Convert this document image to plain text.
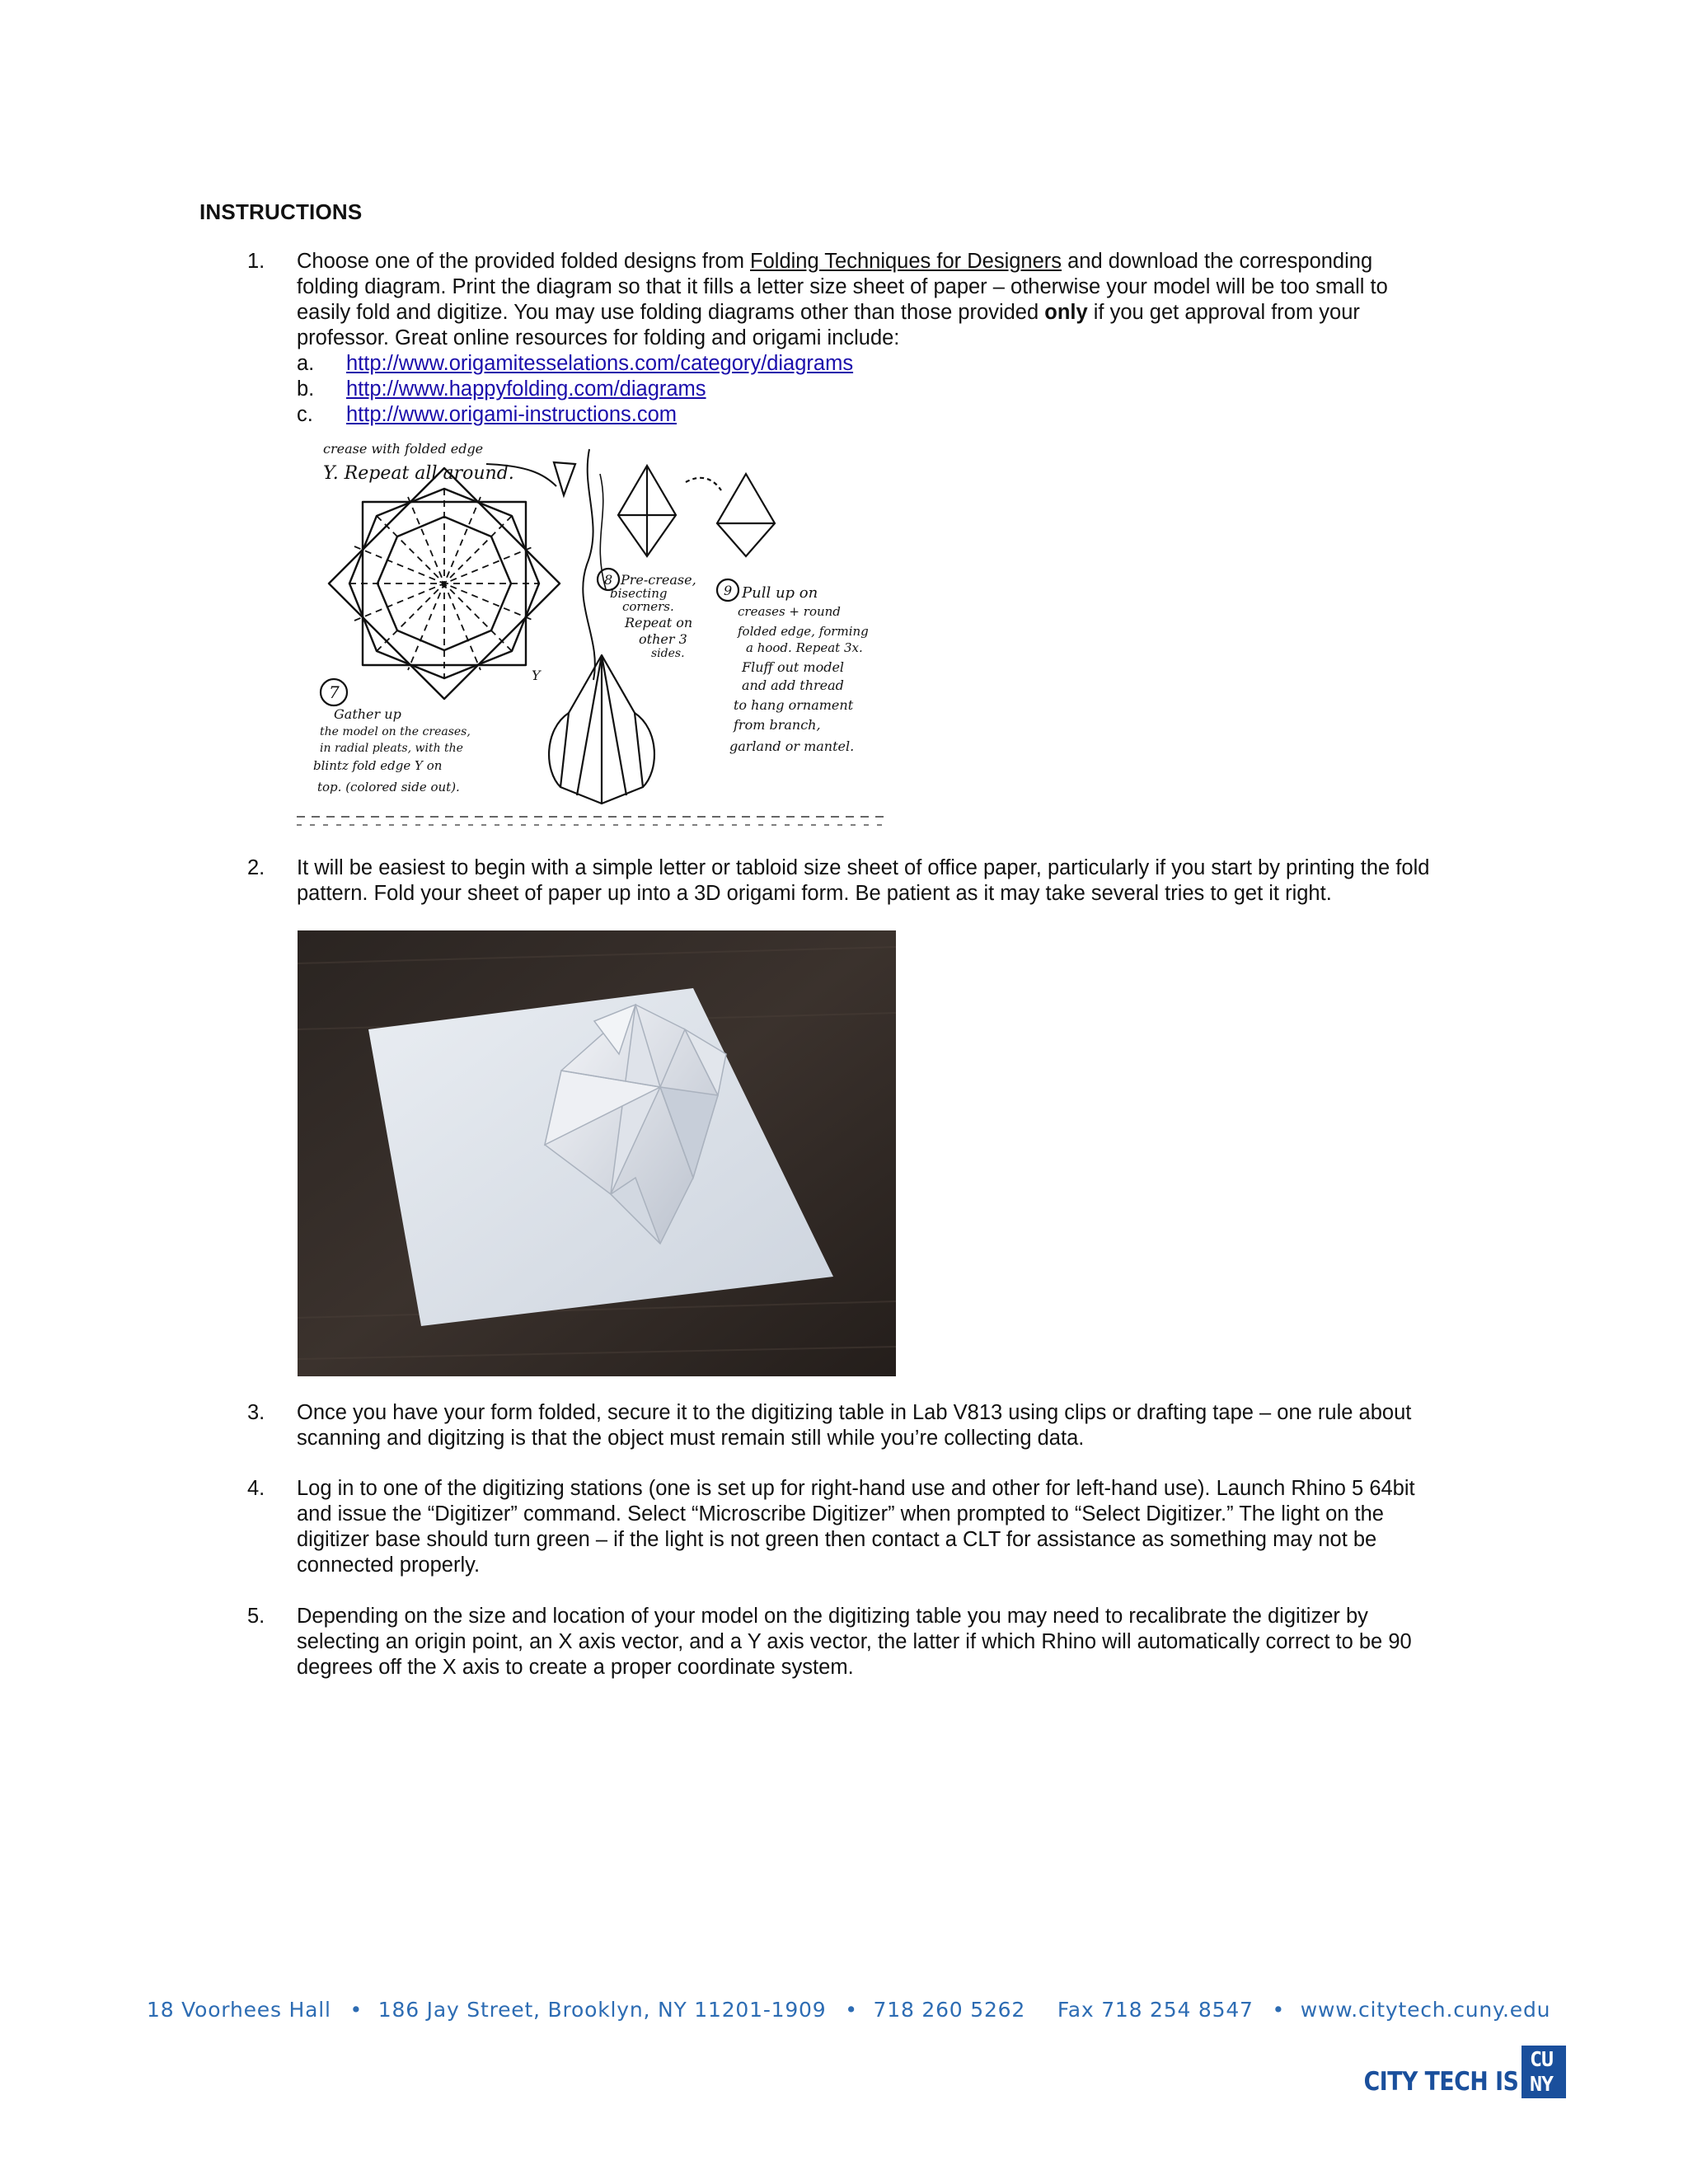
INSTRUCTIONS
1. Choose one of the provided folded designs from Folding Techniques for Designers and download the corresponding
folding diagram. Print the diagram so that it fills a letter size sheet of paper – otherwise your model will be too small to
easily fold and digitize. You may use folding diagrams other than those provided only if you get approval from your
professor. Great online resources for folding and origami include:
a. http://www.origamitesselations.com/category/diagrams
b. http://www.happyfolding.com/diagrams
c. http://www.origami-instructions.com
7
8
9
crease with folded edge
Y. Repeat all around.
Pre-crease,
bisecting
corners.
Repeat on
other 3
sides.
Pull up on
creases + round
folded edge, forming
a hood. Repeat 3x.
Fluff out model
and add thread
to hang ornament
from branch,
garland or mantel.
Gather up
the model on the creases,
in radial pleats, with the
blintz fold edge Y on
top. (colored side out).
Y
2. It will be easiest to begin with a simple letter or tabloid size sheet of office paper, particularly if you start by printing the fold
pattern. Fold your sheet of paper up into a 3D origami form. Be patient as it may take several tries to get it right.
3. Once you have your form folded, secure it to the digitizing table in Lab V813 using clips or drafting tape – one rule about
scanning and digitzing is that the object must remain still while you’re collecting data.
4. Log in to one of the digitizing stations (one is set up for right-hand use and other for left-hand use). Launch Rhino 5 64bit
and issue the “Digitizer” command. Select “Microscribe Digitizer” when prompted to “Select Digitizer.” The light on the
digitizer base should turn green – if the light is not green then contact a CLT for assistance as something may not be
connected properly.
5. Depending on the size and location of your model on the digitizing table you may need to recalibrate the digitizer by
selecting an origin point, an X axis vector, and a Y axis vector, the latter if which Rhino will automatically correct to be 90
degrees off the X axis to create a proper coordinate system.
18 Voorhees Hall • 186 Jay Street, Brooklyn, NY 11201-1909 • 718 260 5262 Fax 718 254 8547 • www.citytech.cuny.edu
CITY TECH IS
CU
NY
